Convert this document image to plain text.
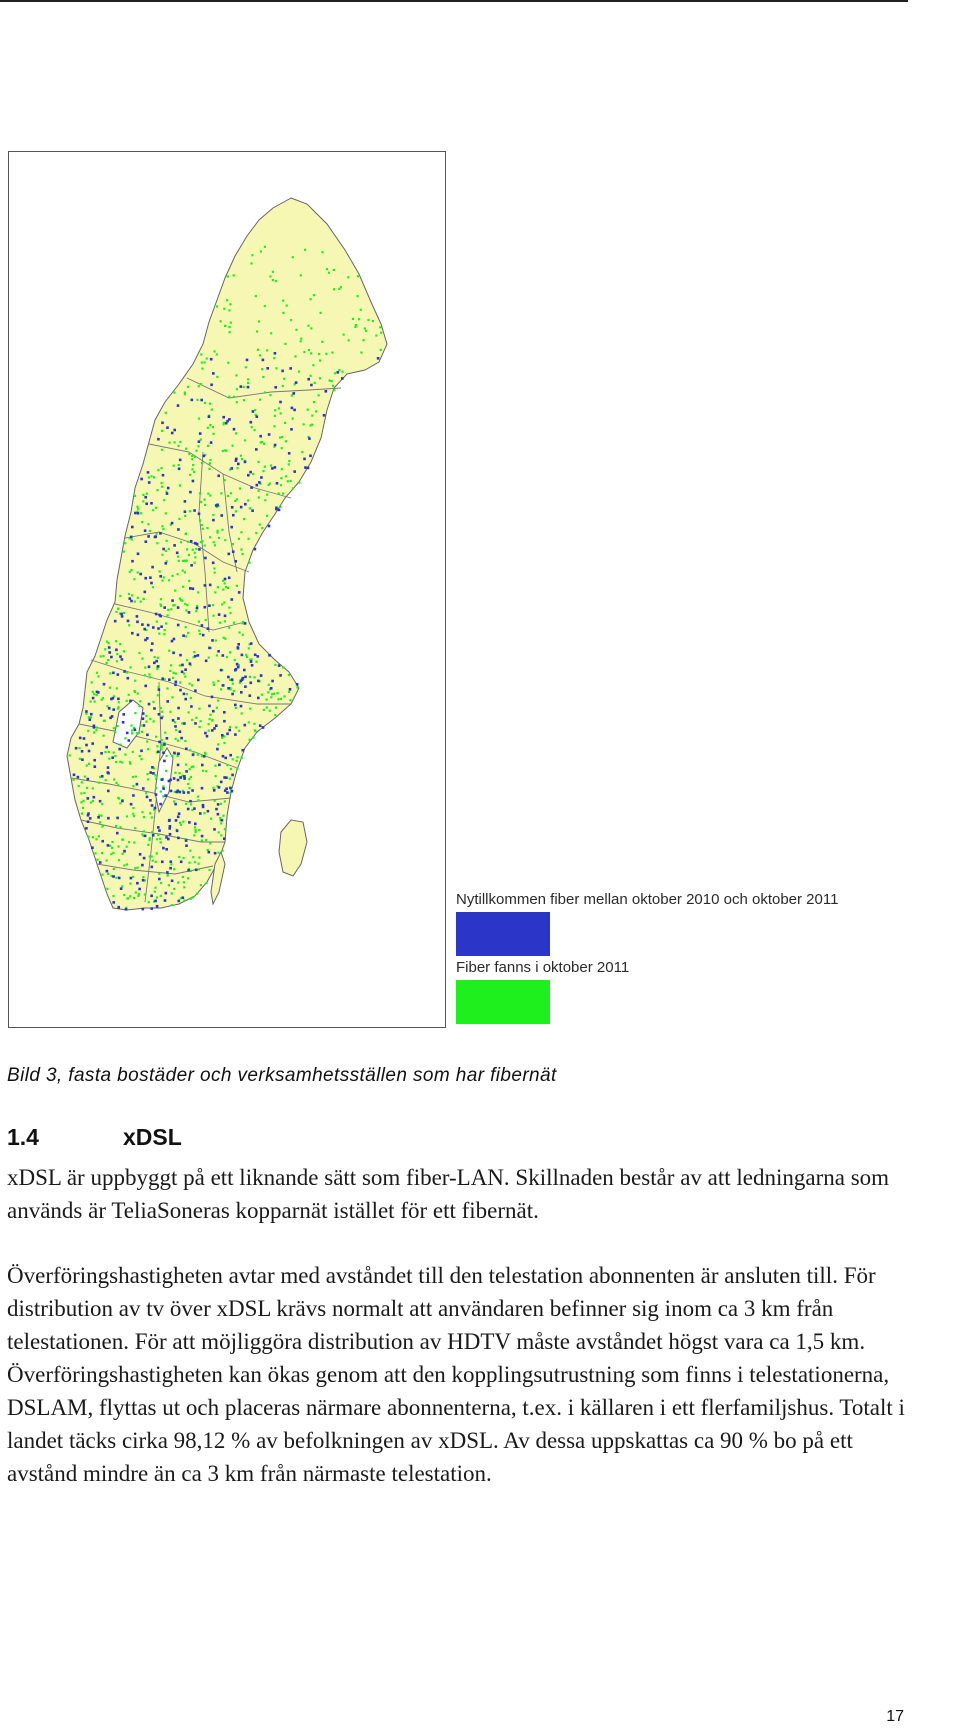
Nytillkommen fiber mellan oktober 2010 och oktober 2011
Fiber fanns i oktober 2011
Bild 3, fasta bostäder och verksamhetsställen som har fibernät
1.4	xDSL

xDSL är uppbyggt på ett liknande sätt som fiber-LAN. Skillnaden består av att ledningarna som används är TeliaSoneras kopparnät istället för ett fibernät.

Överföringshastigheten avtar med avståndet till den telestation abonnenten är ansluten till. För distribution av tv över xDSL krävs normalt att användaren befinner sig inom ca 3 km från telestationen. För att möjliggöra distribution av HDTV måste avståndet högst vara ca 1,5 km. Överföringshastigheten kan ökas genom att den kopplingsutrustning som finns i telestationerna, DSLAM, flyttas ut och placeras närmare abonnenterna, t.ex. i källaren i ett flerfamiljshus. Totalt i landet täcks cirka 98,12 % av befolkningen av xDSL. Av dessa uppskattas ca 90 % bo på ett avstånd mindre än ca 3 km från närmaste telestation.

17
